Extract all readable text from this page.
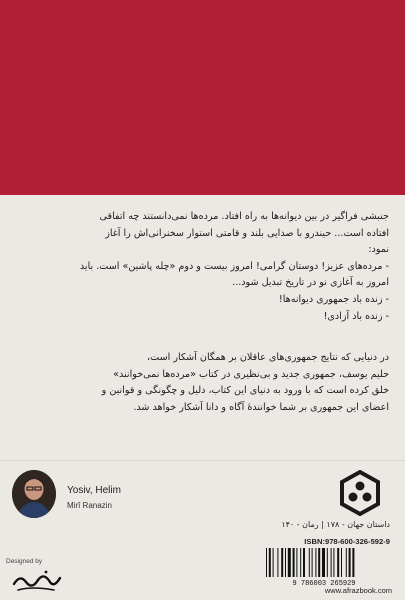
جنبشی فراگیر در بین دیوانه‌ها به راه افتاد. مرده‌ها نمی‌دانستند چه اتفاقی
افتاده است... حیندرو با صدایی بلند و قامتی استوار سخنرانی‌اش را آغاز
نمود:
- مرده‌های عزیز! دوستان گرامی! امروز بیست و دوم «چله پاشین» است. باید
امروز به آغازی نو در تاریخ تبدیل شود...
- زنده باد جمهوری دیوانه‌ها!
- زنده باد آزادی!
در دنیایی که نتایج جمهوری‌های عاقلان بر همگان آشکار است،
حلیم یوسف، جمهوری جدید و بی‌نظیری در کتاب «مرده‌ها نمی‌خوانند»
خلق کرده است که با ورود به دنیای این کتاب، دلیل و چگونگی و قوانین و
اعضای این جمهوری بر شما خوانندهٔ آگاه و دانا آشکار خواهد شد.
Yosiv, Helim
Mirî Ranazin
داستان جهان - ۱۷۸ | رمان - ۱۴۰
ISBN:978-600-326-592-9
9 786003 265929
www.afrazbook.com
Designed by
